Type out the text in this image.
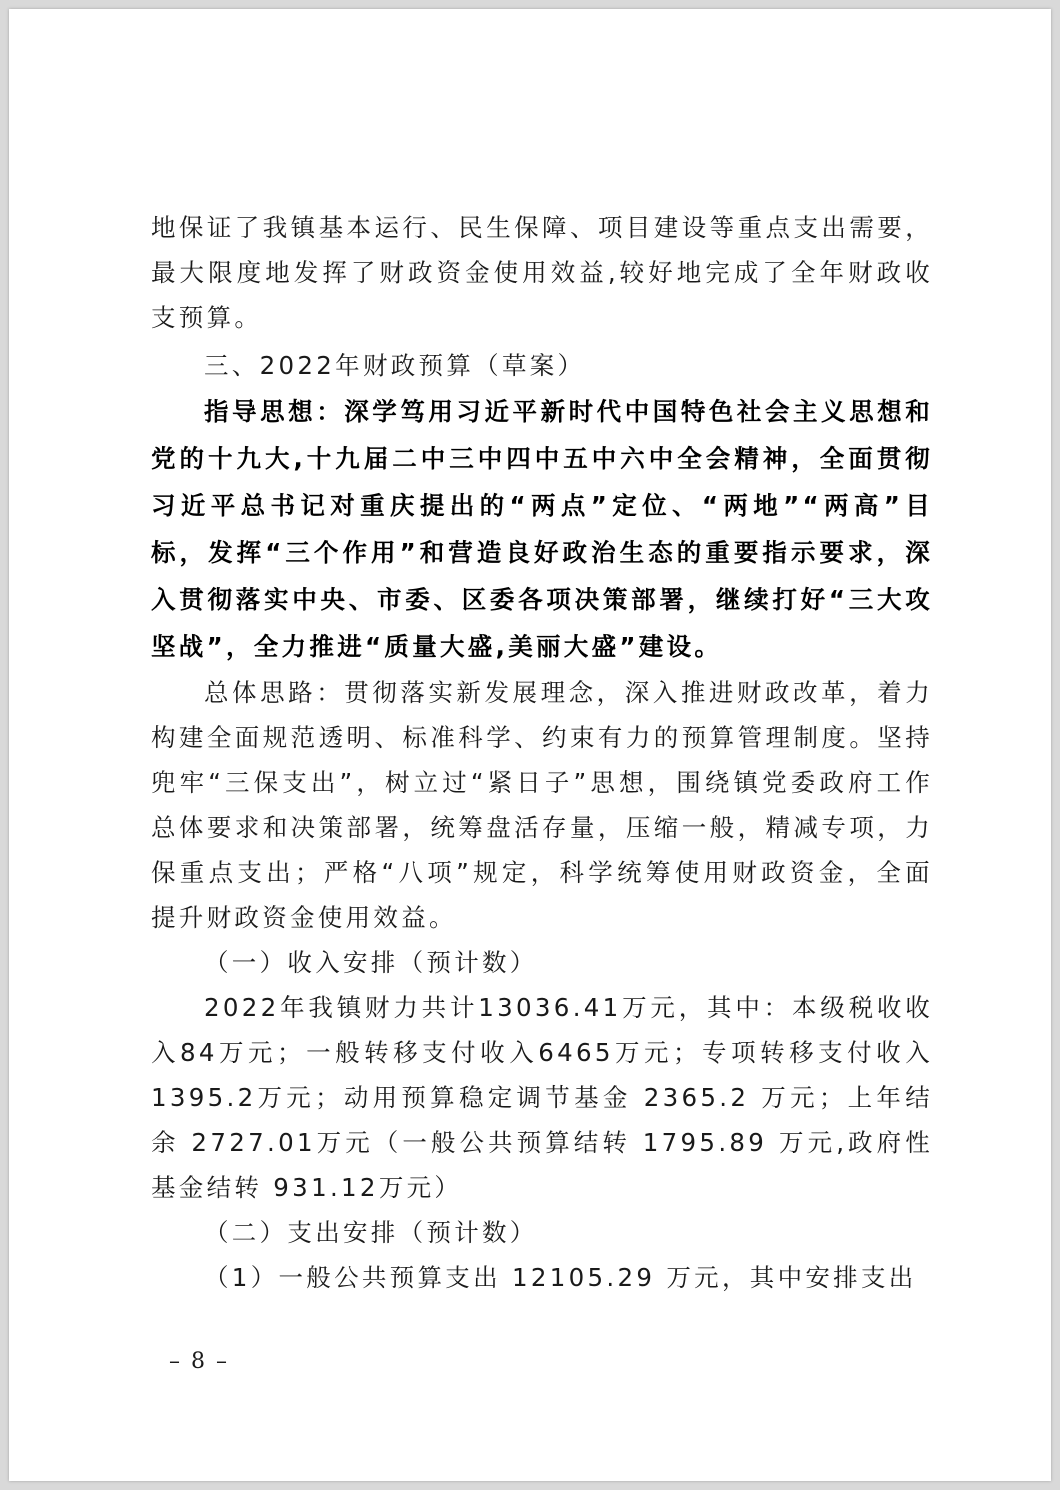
地保证了我镇基本运行、民生保障、项目建设等重点支出需要，最大限度地发挥了财政资金使用效益,较好地完成了全年财政收支预算。

三、2022年财政预算（草案）

指导思想：深学笃用习近平新时代中国特色社会主义思想和党的十九大,十九届二中三中四中五中六中全会精神，全面贯彻习近平总书记对重庆提出的“两点”定位、“两地”“两高”目标，发挥“三个作用”和营造良好政治生态的重要指示要求，深入贯彻落实中央、市委、区委各项决策部署，继续打好“三大攻坚战”，全力推进“质量大盛,美丽大盛”建设。

总体思路：贯彻落实新发展理念，深入推进财政改革，着力构建全面规范透明、标准科学、约束有力的预算管理制度。坚持兜牢“三保支出”，树立过“紧日子”思想，围绕镇党委政府工作总体要求和决策部署，统筹盘活存量，压缩一般，精减专项，力保重点支出；严格“八项”规定，科学统筹使用财政资金，全面提升财政资金使用效益。

（一）收入安排（预计数）

2022年我镇财力共计13036.41万元，其中：本级税收收入84万元；一般转移支付收入6465万元；专项转移支付收入1395.2万元；动用预算稳定调节基金 2365.2 万元；上年结余 2727.01万元（一般公共预算结转 1795.89 万元,政府性基金结转 931.12万元）

（二）支出安排（预计数）

（1）一般公共预算支出 12105.29 万元，其中安排支出

– 8 –
